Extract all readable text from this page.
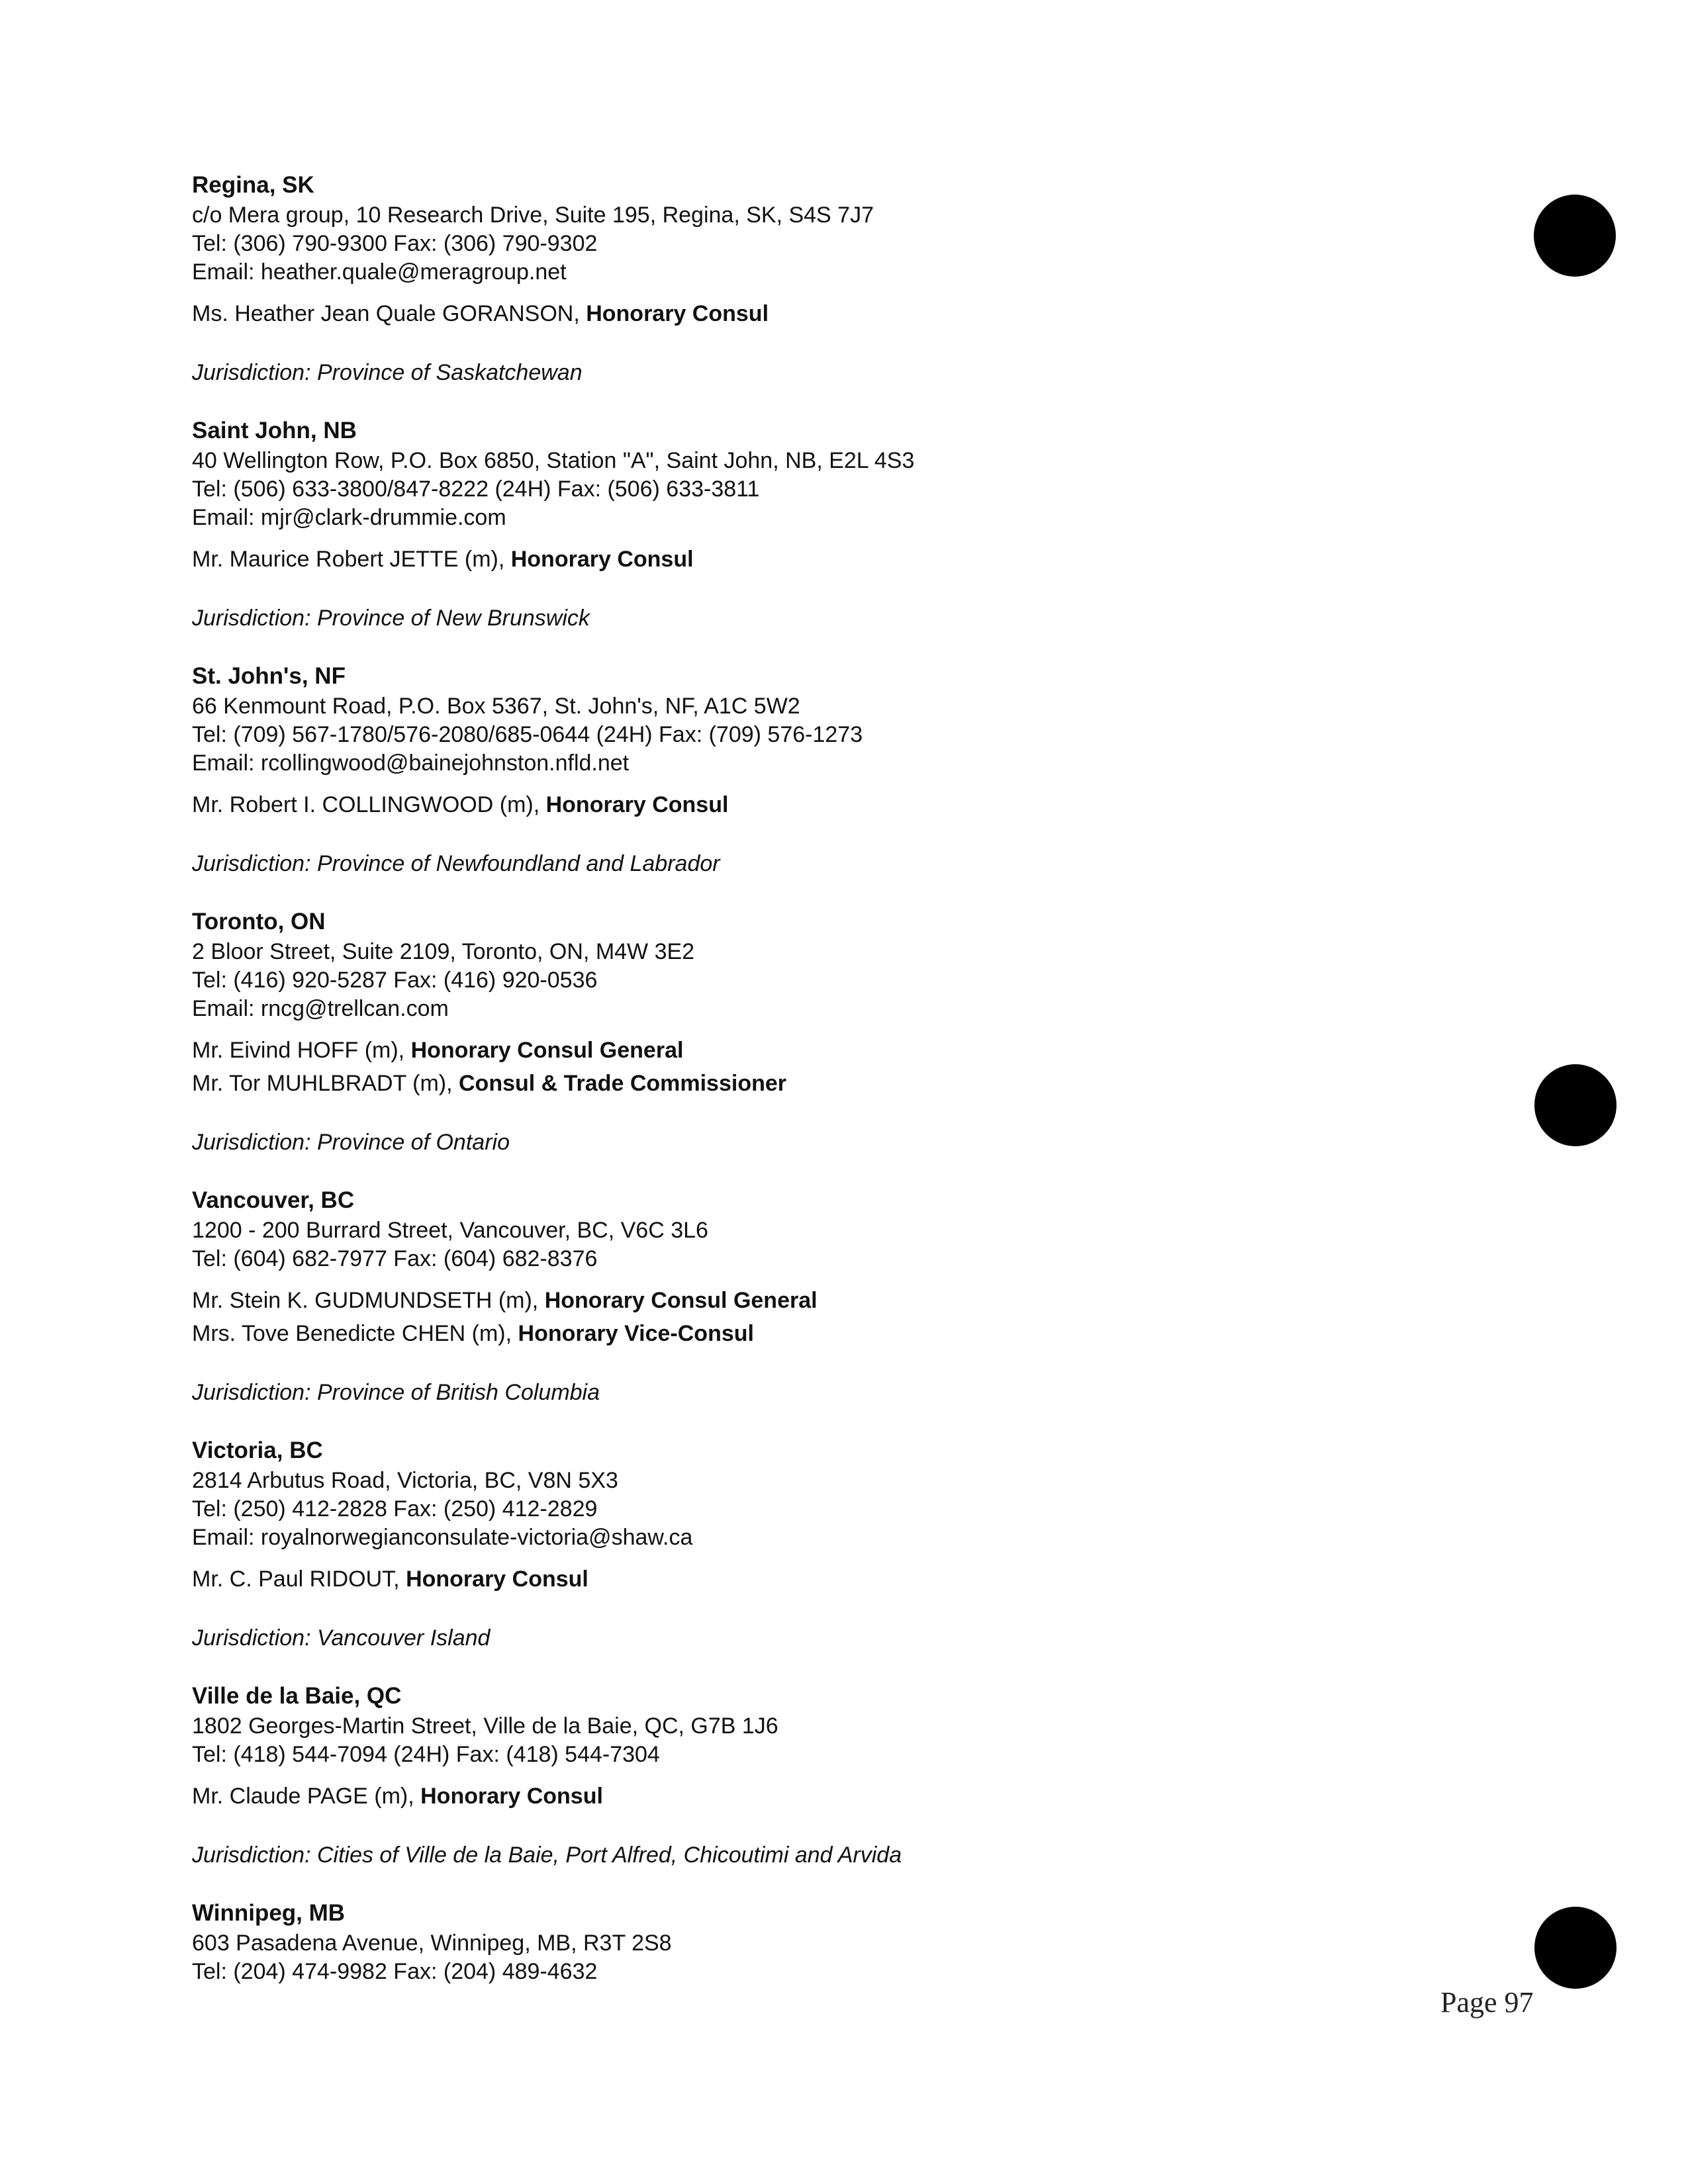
Regina, SK
c/o Mera group, 10 Research Drive, Suite 195, Regina, SK, S4S 7J7
Tel: (306) 790-9300 Fax: (306) 790-9302
Email: heather.quale@meragroup.net
Ms. Heather Jean Quale GORANSON, Honorary Consul
Jurisdiction: Province of Saskatchewan
Saint John, NB
40 Wellington Row, P.O. Box 6850, Station "A", Saint John, NB, E2L 4S3
Tel: (506) 633-3800/847-8222 (24H) Fax: (506) 633-3811
Email: mjr@clark-drummie.com
Mr. Maurice Robert JETTE (m), Honorary Consul
Jurisdiction: Province of New Brunswick
St. John's, NF
66 Kenmount Road, P.O. Box 5367, St. John's, NF, A1C 5W2
Tel: (709) 567-1780/576-2080/685-0644 (24H) Fax: (709) 576-1273
Email: rcollingwood@bainejohnston.nfld.net
Mr. Robert I. COLLINGWOOD (m), Honorary Consul
Jurisdiction: Province of Newfoundland and Labrador
Toronto, ON
2 Bloor Street, Suite 2109, Toronto, ON, M4W 3E2
Tel: (416) 920-5287 Fax: (416) 920-0536
Email: rncg@trellcan.com
Mr. Eivind HOFF (m), Honorary Consul General
Mr. Tor MUHLBRADT (m), Consul & Trade Commissioner
Jurisdiction: Province of Ontario
Vancouver, BC
1200 - 200 Burrard Street, Vancouver, BC, V6C 3L6
Tel: (604) 682-7977 Fax: (604) 682-8376
Mr. Stein K. GUDMUNDSETH (m), Honorary Consul General
Mrs. Tove Benedicte CHEN (m), Honorary Vice-Consul
Jurisdiction: Province of British Columbia
Victoria, BC
2814 Arbutus Road, Victoria, BC, V8N 5X3
Tel: (250) 412-2828 Fax: (250) 412-2829
Email: royalnorwegianconsulate-victoria@shaw.ca
Mr. C. Paul RIDOUT, Honorary Consul
Jurisdiction: Vancouver Island
Ville de la Baie, QC
1802 Georges-Martin Street, Ville de la Baie, QC, G7B 1J6
Tel: (418) 544-7094 (24H) Fax: (418) 544-7304
Mr. Claude PAGE (m), Honorary Consul
Jurisdiction: Cities of Ville de la Baie, Port Alfred, Chicoutimi and Arvida
Winnipeg, MB
603 Pasadena Avenue, Winnipeg, MB, R3T 2S8
Tel: (204) 474-9982 Fax: (204) 489-4632
Page 97
